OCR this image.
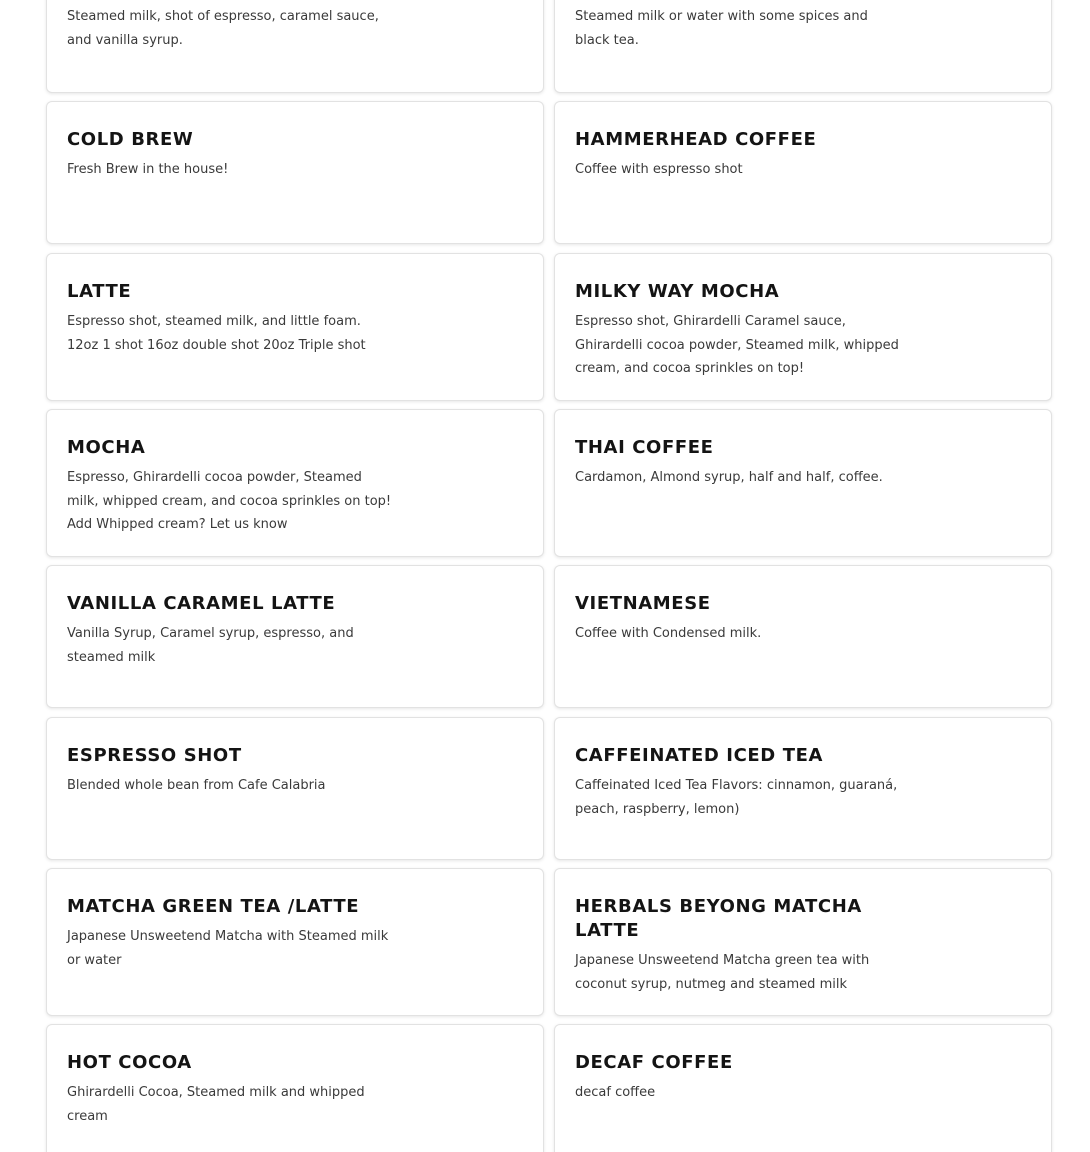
Steamed milk, shot of espresso, caramel sauce, and vanilla syrup.

Steamed milk or water with some spices and black tea.

COLD BREW

Fresh Brew in the house!

HAMMERHEAD COFFEE

Coffee with espresso shot

LATTE

Espresso shot, steamed milk, and little foam. 12oz 1 shot 16oz double shot 20oz Triple shot

MILKY WAY MOCHA

Espresso shot, Ghirardelli Caramel sauce, Ghirardelli cocoa powder, Steamed milk, whipped cream, and cocoa sprinkles on top!

MOCHA

Espresso, Ghirardelli cocoa powder, Steamed milk, whipped cream, and cocoa sprinkles on top! Add Whipped cream? Let us know

THAI COFFEE

Cardamon, Almond syrup, half and half, coffee.

VANILLA CARAMEL LATTE

Vanilla Syrup, Caramel syrup, espresso, and steamed milk

VIETNAMESE

Coffee with Condensed milk.

ESPRESSO SHOT

Blended whole bean from Cafe Calabria

CAFFEINATED ICED TEA

Caffeinated Iced Tea Flavors: cinnamon, guaraná, peach, raspberry, lemon)

MATCHA GREEN TEA /LATTE

Japanese Unsweetend Matcha with Steamed milk or water

HERBALS BEYONG MATCHA LATTE

Japanese Unsweetend Matcha green tea with coconut syrup, nutmeg and steamed milk

HOT COCOA

Ghirardelli Cocoa, Steamed milk and whipped cream

DECAF COFFEE

decaf coffee
